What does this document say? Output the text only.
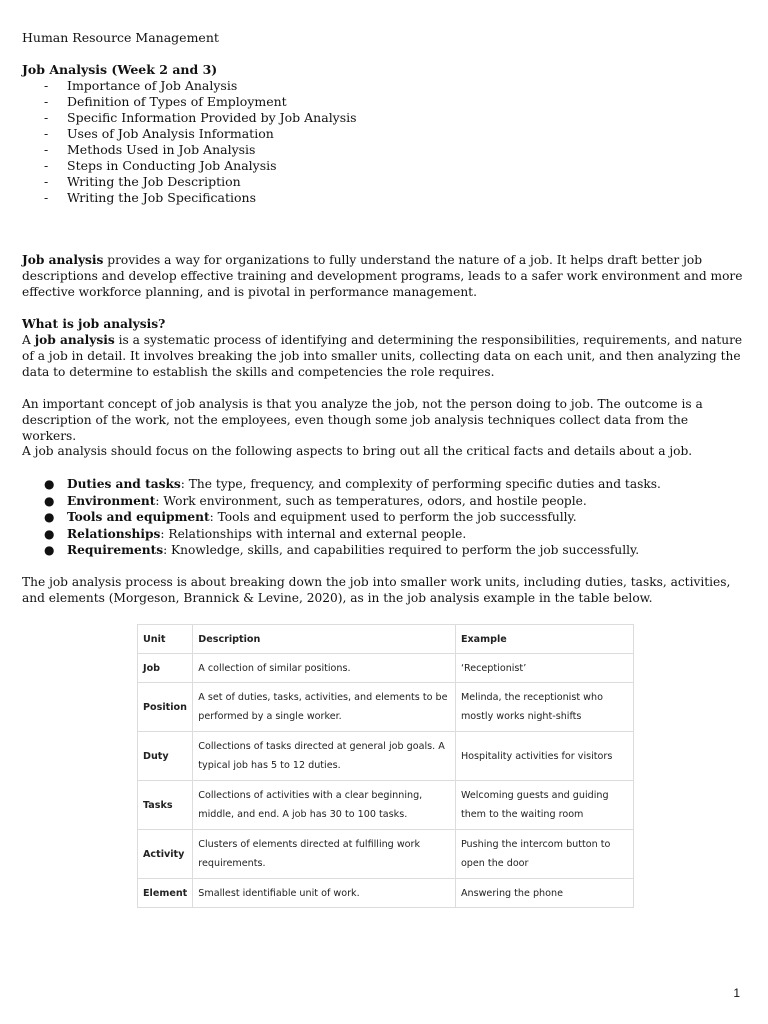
Human Resource Management
Job Analysis (Week 2 and 3)
- Importance of Job Analysis
- Definition of Types of Employment
- Specific Information Provided by Job Analysis
- Uses of Job Analysis Information
- Methods Used in Job Analysis
- Steps in Conducting Job Analysis
- Writing the Job Description
- Writing the Job Specifications

Job analysis provides a way for organizations to fully understand the nature of a job. It helps draft better job descriptions and develop effective training and development programs, leads to a safer work environment and more effective workforce planning, and is pivotal in performance management.

What is job analysis?

A job analysis is a systematic process of identifying and determining the responsibilities, requirements, and nature of a job in detail. It involves breaking the job into smaller units, collecting data on each unit, and then analyzing the data to determine to establish the skills and competencies the role requires.

An important concept of job analysis is that you analyze the job, not the person doing to job. The outcome is a description of the work, not the employees, even though some job analysis techniques collect data from the workers.

A job analysis should focus on the following aspects to bring out all the critical facts and details about a job.

● Duties and tasks: The type, frequency, and complexity of performing specific duties and tasks.
● Environment: Work environment, such as temperatures, odors, and hostile people.
● Tools and equipment: Tools and equipment used to perform the job successfully.
● Relationships: Relationships with internal and external people.
● Requirements: Knowledge, skills, and capabilities required to perform the job successfully.

The job analysis process is about breaking down the job into smaller work units, including duties, tasks, activities, and elements (Morgeson, Brannick & Levine, 2020), as in the job analysis example in the table below.

Unit	Description	Example
Job	A collection of similar positions.	‘Receptionist’
Position	A set of duties, tasks, activities, and elements to be performed by a single worker.	Melinda, the receptionist who mostly works night-shifts
Duty	Collections of tasks directed at general job goals. A typical job has 5 to 12 duties.	Hospitality activities for visitors
Tasks	Collections of activities with a clear beginning, middle, and end. A job has 30 to 100 tasks.	Welcoming guests and guiding them to the waiting room
Activity	Clusters of elements directed at fulfilling work requirements.	Pushing the intercom button to open the door
Element	Smallest identifiable unit of work.	Answering the phone
1
